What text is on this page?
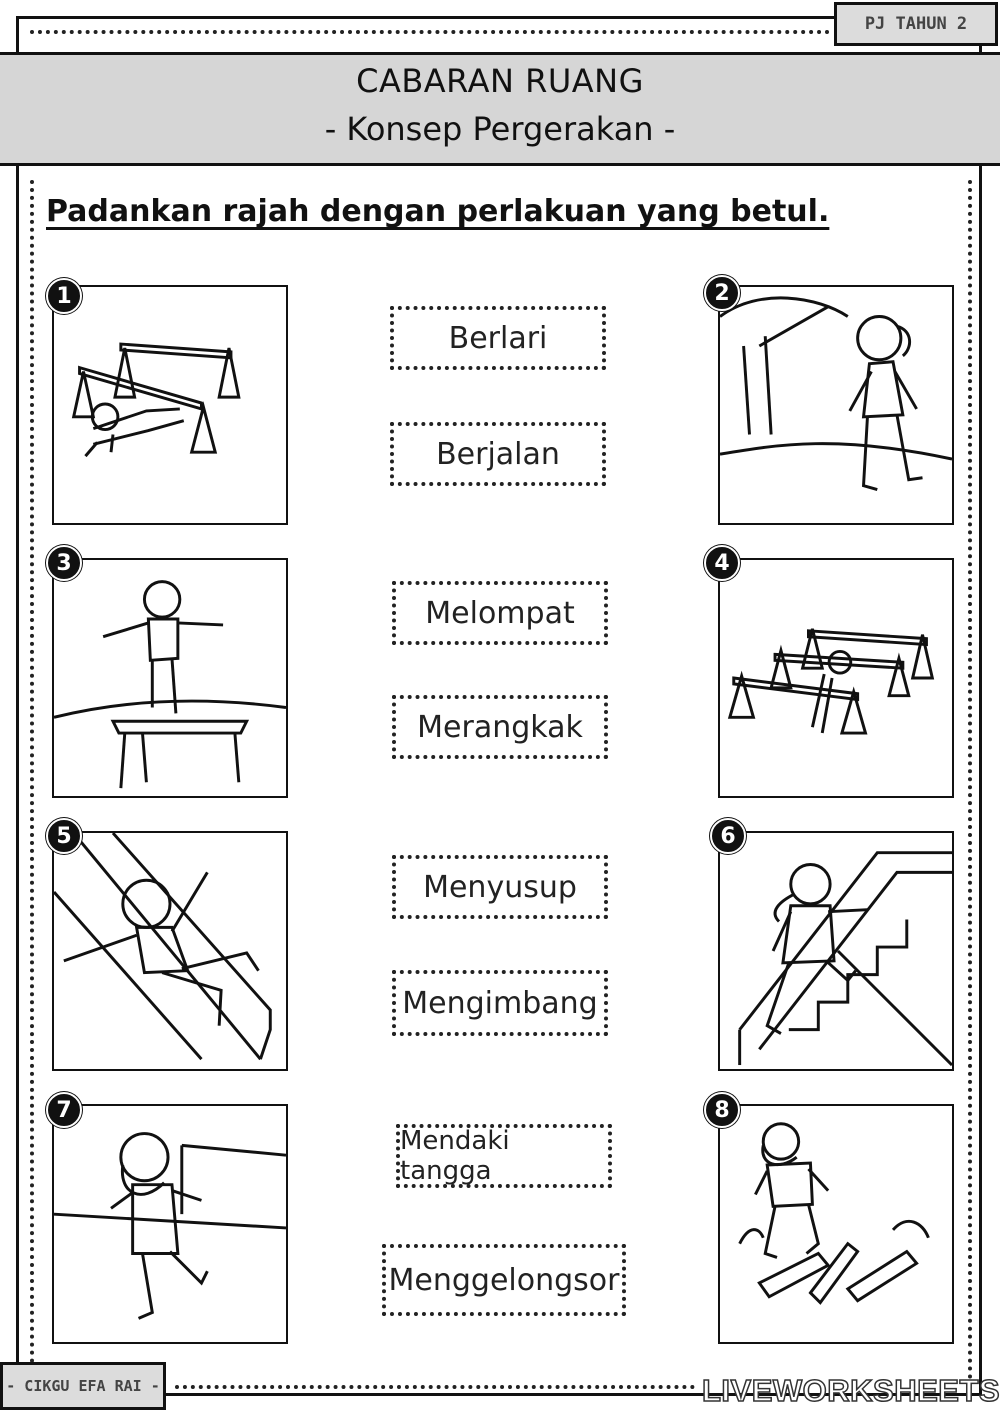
PJ TAHUN 2
CABARAN RUANG
- Konsep Pergerakan -
Padankan rajah dengan perlakuan yang betul.
1	2
3	4
5	6
7	8
Berlari
Berjalan
Melompat
Merangkak
Menyusup
Mengimbang
Mendaki tangga
Menggelongsor
- CIKGU EFA RAI -	LIVEWORKSHEETS
